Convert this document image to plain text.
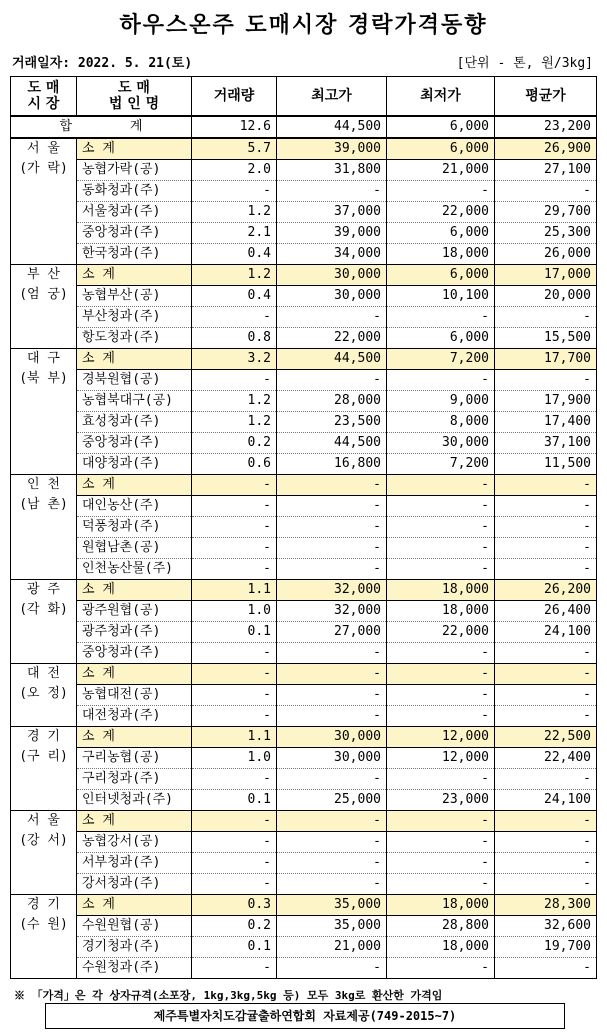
하우스온주 도매시장 경락가격동향
거래일자: 2022. 5. 21(토)	[단위 - 톤, 원/3kg]
도 매
시 장	도 매
법 인 명	거래량	최고가	최저가	평균가
합 계		12.6	44,500	6,000	23,200
서 울
(가 락)	소 계	5.7	39,000	6,000	26,900
	농협가락(공)	2.0	31,800	21,000	27,100
	동화청과(주)	-	-	-	-
	서울청과(주)	1.2	37,000	22,000	29,700
	중앙청과(주)	2.1	39,000	6,000	25,300
	한국청과(주)	0.4	34,000	18,000	26,000
부 산
(엄 궁)	소 계	1.2	30,000	6,000	17,000
	농협부산(공)	0.4	30,000	10,100	20,000
	부산청과(주)	-	-	-	-
	항도청과(주)	0.8	22,000	6,000	15,500
대 구
(북 부)	소 계	3.2	44,500	7,200	17,700
	경북원협(공)	-	-	-	-
	농협북대구(공)	1.2	28,000	9,000	17,900
	효성청과(주)	1.2	23,500	8,000	17,400
	중앙청과(주)	0.2	44,500	30,000	37,100
	대양청과(주)	0.6	16,800	7,200	11,500
인 천
(남 촌)	소 계	-	-	-	-
	대인농산(주)	-	-	-	-
	덕풍청과(주)	-	-	-	-
	원협남촌(공)	-	-	-	-
	인천농산물(주)	-	-	-	-
광 주
(각 화)	소 계	1.1	32,000	18,000	26,200
	광주원협(공)	1.0	32,000	18,000	26,400
	광주청과(주)	0.1	27,000	22,000	24,100
	중앙청과(주)	-	-	-	-
대 전
(오 정)	소 계	-	-	-	-
	농협대전(공)	-	-	-	-
	대전청과(주)	-	-	-	-
경 기
(구 리)	소 계	1.1	30,000	12,000	22,500
	구리농협(공)	1.0	30,000	12,000	22,400
	구리청과(주)	-	-	-	-
	인터넷청과(주)	0.1	25,000	23,000	24,100
서 울
(강 서)	소 계	-	-	-	-
	농협강서(공)	-	-	-	-
	서부청과(주)	-	-	-	-
	강서청과(주)	-	-	-	-
경 기
(수 원)	소 계	0.3	35,000	18,000	28,300
	수원원협(공)	0.2	35,000	28,800	32,600
	경기청과(주)	0.1	21,000	18,000	19,700
	수원청과(주)	-	-	-	-
※ 「가격」은 각 상자규격(소포장, 1kg,3kg,5kg 등) 모두 3kg로 환산한 가격임
제주특별자치도감귤출하연합회 자료제공(749-2015~7)
